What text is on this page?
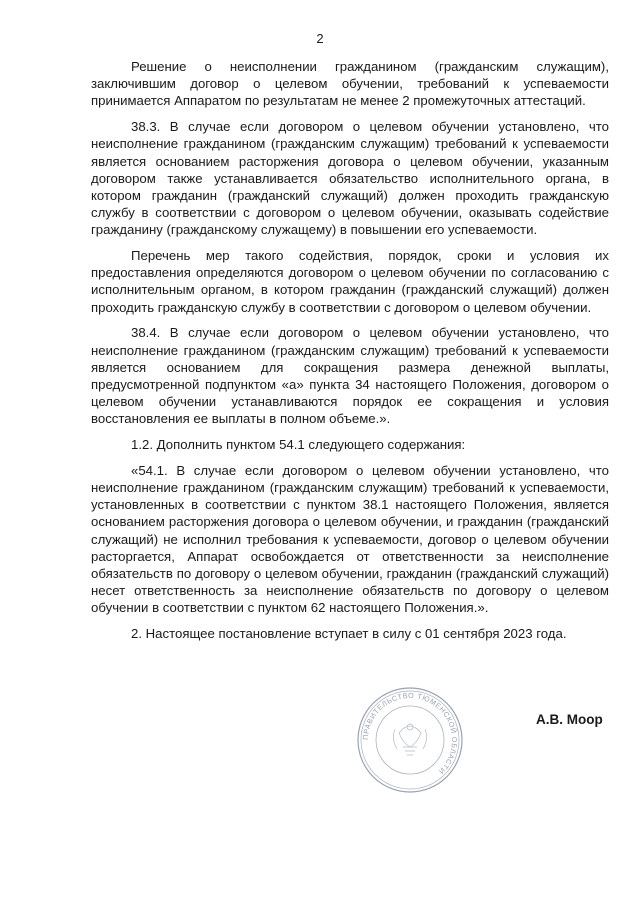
2

Решение о неисполнении гражданином (гражданским служащим), заключившим договор о целевом обучении, требований к успеваемости принимается Аппаратом по результатам не менее 2 промежуточных аттестаций.

38.3. В случае если договором о целевом обучении установлено, что неисполнение гражданином (гражданским служащим) требований к успеваемости является основанием расторжения договора о целевом обучении, указанным договором также устанавливается обязательство исполнительного органа, в котором гражданин (гражданский служащий) должен проходить гражданскую службу в соответствии с договором о целевом обучении, оказывать содействие гражданину (гражданскому служащему) в повышении его успеваемости.

Перечень мер такого содействия, порядок, сроки и условия их предоставления определяются договором о целевом обучении по согласованию с исполнительным органом, в котором гражданин (гражданский служащий) должен проходить гражданскую службу в соответствии с договором о целевом обучении.

38.4. В случае если договором о целевом обучении установлено, что неисполнение гражданином (гражданским служащим) требований к успеваемости является основанием для сокращения размера денежной выплаты, предусмотренной подпунктом «а» пункта 34 настоящего Положения, договором о целевом обучении устанавливаются порядок ее сокращения и условия восстановления ее выплаты в полном объеме.».

1.2. Дополнить пунктом 54.1 следующего содержания:

«54.1. В случае если договором о целевом обучении установлено, что неисполнение гражданином (гражданским служащим) требований к успеваемости, установленных в соответствии с пунктом 38.1 настоящего Положения, является основанием расторжения договора о целевом обучении, и гражданин (гражданский служащий) не исполнил требования к успеваемости, договор о целевом обучении расторгается, Аппарат освобождается от ответственности за неисполнение обязательств по договору о целевом обучении, гражданин (гражданский служащий) несет ответственность за неисполнение обязательств по договору о целевом обучении в соответствии с пунктом 62 настоящего Положения.».

2. Настоящее постановление вступает в силу с 01 сентября 2023 года.

ПРАВИТЕЛЬСТВО ТЮМЕНСКОЙ ОБЛАСТИ
А.В. Моор
